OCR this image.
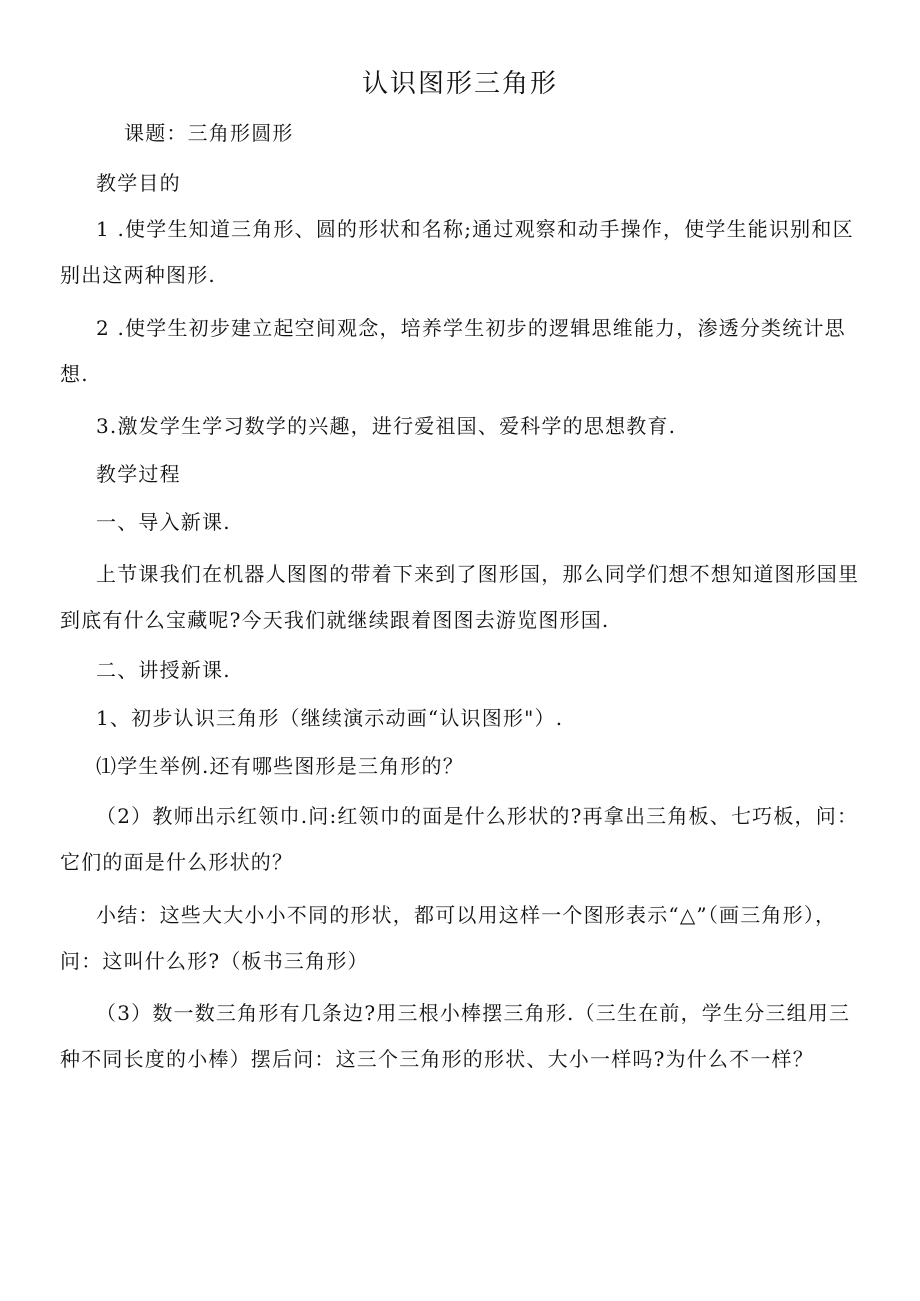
认识图形三角形

课题：三角形圆形

教学目的

1 .使学生知道三角形、圆的形状和名称;通过观察和动手操作，使学生能识别和区别出这两种图形.

2 .使学生初步建立起空间观念，培养学生初步的逻辑思维能力，渗透分类统计思想.

3.激发学生学习数学的兴趣，进行爱祖国、爱科学的思想教育.

教学过程

一、导入新课.

上节课我们在机器人图图的带着下来到了图形国，那么同学们想不想知道图形国里到底有什么宝藏呢?今天我们就继续跟着图图去游览图形国.

二、讲授新课.

1、初步认识三角形（继续演示动画“认识图形"）.

⑴学生举例.还有哪些图形是三角形的？

（2）教师出示红领巾.问:红领巾的面是什么形状的?再拿出三角板、七巧板，问：它们的面是什么形状的？

小结：这些大大小小不同的形状，都可以用这样一个图形表示“△”（画三角形），问：这叫什么形?（板书三角形）

（3）数一数三角形有几条边?用三根小棒摆三角形.（三生在前，学生分三组用三种不同长度的小棒）摆后问：这三个三角形的形状、大小一样吗?为什么不一样？
